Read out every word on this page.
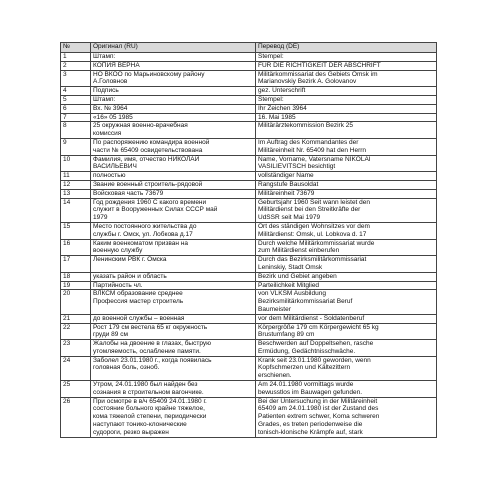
№	Оригинал (RU)	Перевод (DE)
1	Штамп:	Stempel:
2	КОПИЯ ВЕРНА	FÜR DIE RICHTIGKEIT DER ABSCHRIFT
3	НО ВКОО по Марьиновскому району
А.Головнов	Militärkommissariat des Gebiets Omsk im
Marianovskiy Bezirk A. Golovanov
4	Подпись	gez. Unterschrift
5	Штамп:	Stempel:
6	Вх. № 3964	Ihr Zeichen 3964
7	«16» 05 1985	16. Mai 1985
8	25 окружная военно-врачебная
комиссия	Militärärztekommission Bezirk 25
9	По распоряжению командира военной
части № 65409 освидетельствована	Im Auftrag des Kommandantes der
Militäreinheit Nr. 65409 hat den Herrn
10	Фамилия, имя, отчество НИКОЛАЙ
ВАСИЛЬЕВИЧ	Name, Vorname, Vatersname NIKOLAI
VASILIEVITSCH besichtigt
11	полностью	vollständiger Name
12	Звание военный строитель-рядовой	Rangstufe Bausoldat
13	Войсковая часть 73679	Militäreinheit 73679
14	Год рождения 1960 С какого времени
служит в Вооруженных Силах СССР май
1979	Geburtsjahr 1960 Seit wann leistet den
Militärdienst bei den Streitkräfte der
UdSSR seit Mai 1979
15	Место постоянного жительства до
службы г. Омск, ул. Лобкова д.17	Ort des ständigen Wohnsitzes vor dem
Militärdienst: Omsk, ul. Lobkova d. 17
16	Каким военкоматом призван на
военную службу	Durch welche Militärkommissariat wurde
zum Militärdienst einberufen
17	Ленинским РВК г. Омска	Durch das Bezirksmilitärkommissariat
Leninskiy, Stadt Omsk
18	указать район и область	Bezirk und Gebiet angeben
19	Партийность чл.	Parteilichkeit Mitglied
20	ВЛКСМ образование среднее
Профессия мастер строитель	von VLKSM Ausbildung
Bezirksmilitärkommissariat Beruf
Baumeister
21	до военной службы – военная	vor dem Militärdienst - Soldatenberuf
22	Рост 179 см вестела 65 кг окружность
груди 89 см	Körpergröße 179 cm Körpergewicht 65 kg
Brustumfang 89 cm
23	Жалобы на двоение в глазах, быструю
утомляемость, ослабление памяти.	Beschwerden auf Doppeltsehen, rasche
Ermüdung, Gedächtnisschwäche.
24	Заболел 23.01.1980 г., когда появилась
головная боль, озноб.	Krank seit 23.01.1980 geworden, wenn
Kopfschmerzen und Kältezittern
erschienen.
25	Утром, 24.01.1980 был найден без
сознания в строительном вагончике.	Am 24.01.1980 vormittags wurde
bewusstlos im Bauwagen gefunden.
26	При осмотре в в/ч 65409 24.01.1980 г.
состояние больного крайне тяжелое,
кома тяжелой степени, периодически
наступают тонико-клонические
судороги, резко выражен	Bei der Untersuchung in der Militäreinheit
65409 am 24.01.1980 ist der Zustand des
Patienten extrem schwer, Koma schweren
Grades, es treten periodenweise die
tonisch-klonische Krämpfe auf, stark
